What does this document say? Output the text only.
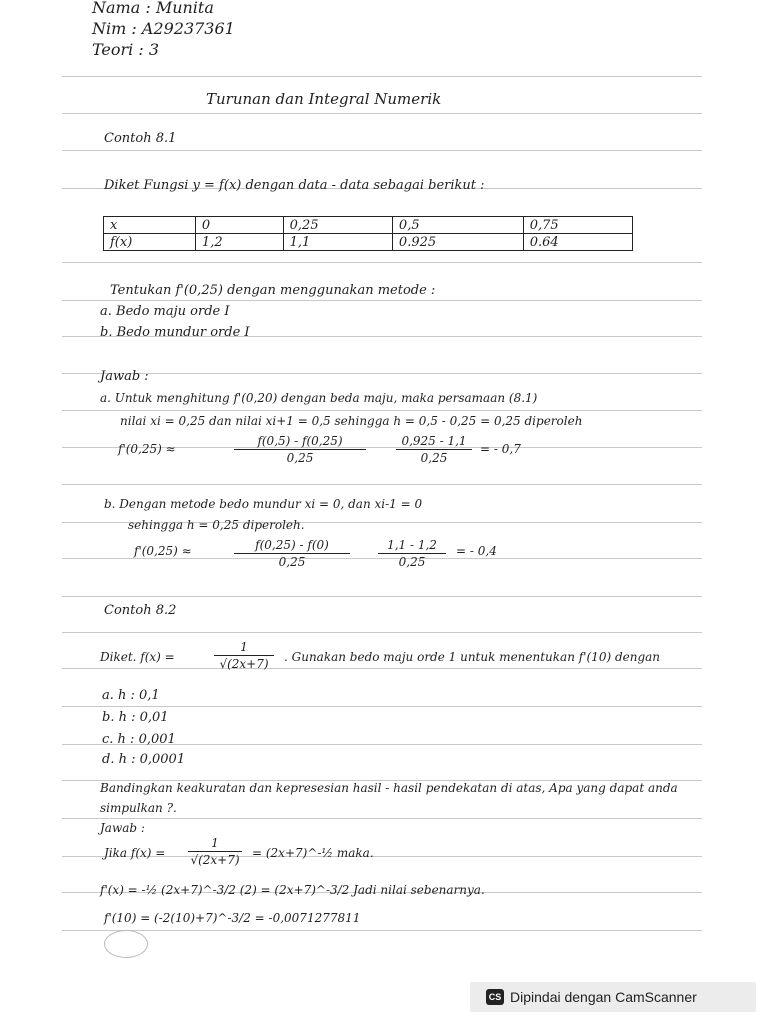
Nama : Munita
Nim : A29237361
Teori : 3
Turunan dan Integral Numerik
Contoh 8.1
Diket Fungsi y = f(x) dengan data - data sebagai berikut :
x	0	0,25	0,5	0,75
f(x)	1,2	1,1	0.925	0.64
Tentukan f'(0,25) dengan menggunakan metode :
a. Bedo maju orde I
b. Bedo mundur orde I
Jawab :
a. Untuk menghitung f'(0,20) dengan beda maju, maka persamaan (8.1)
nilai xi = 0,25 dan nilai xi+1 = 0,5 sehingga h = 0,5 - 0,25 = 0,25 diperoleh
f'(0,25) ≈
f(0,5) - f(0,25)
0,25
0,925 - 1,1
0,25
= - 0,7
b. Dengan metode bedo mundur xi = 0, dan xi-1 = 0
sehingga h = 0,25 diperoleh.
f'(0,25) ≈	f(0,25) - f(0)
0,25
1,1 - 1,2
0,25
= - 0,4
Contoh 8.2
Diket. f(x) =
1
√(2x+7) . Gunakan bedo maju orde 1 untuk menentukan f'(10) dengan
a. h : 0,1
b. h : 0,01
c. h : 0,001
d. h : 0,0001
Bandingkan keakuratan dan kepresesian hasil - hasil pendekatan di atas, Apa yang dapat anda
simpulkan ?.
Jawab :
Jika f(x) =
1
√(2x+7) = (2x+7)^-½ maka.
f'(x) = -½ (2x+7)^-3/2 (2) = (2x+7)^-3/2 Jadi nilai sebenarnya.
f'(10) = (-2(10)+7)^-3/2 = -0,0071277811
CS Dipindai dengan CamScanner
